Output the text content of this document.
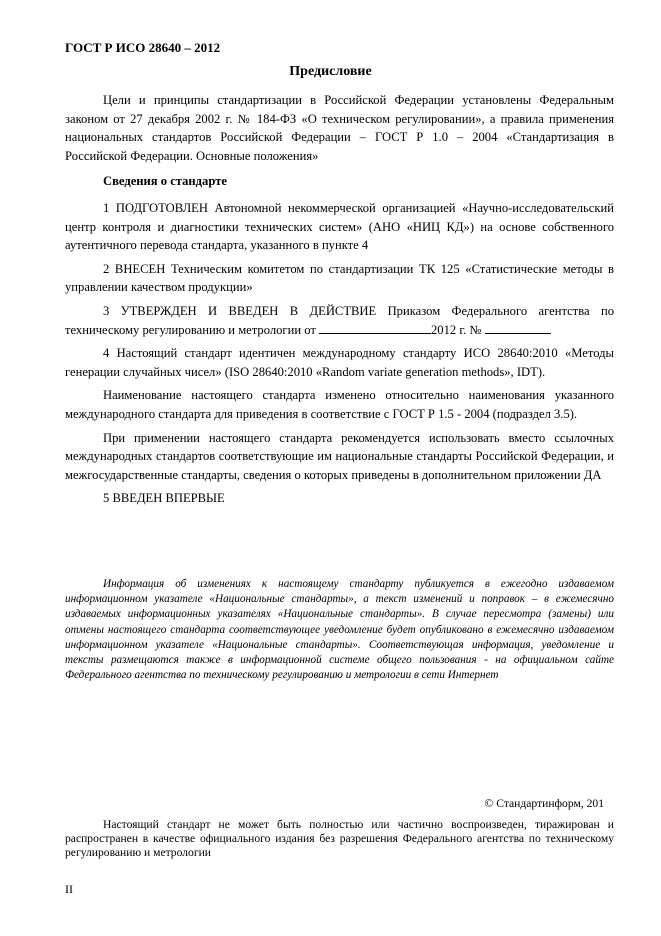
ГОСТ Р ИСО 28640 – 2012
Предисловие

Цели и принципы стандартизации в Российской Федерации установлены Федеральным законом от 27 декабря 2002 г. № 184-ФЗ «О техническом регулировании», а правила применения национальных стандартов Российской Федерации – ГОСТ Р 1.0 – 2004 «Стандартизация в Российской Федерации. Основные положения»

Сведения о стандарте

1 ПОДГОТОВЛЕН Автономной некоммерческой организацией «Научно-исследовательский центр контроля и диагностики технических систем» (АНО «НИЦ КД») на основе собственного аутентичного перевода стандарта, указанного в пункте 4

2 ВНЕСЕН Техническим комитетом по стандартизации ТК 125 «Статистические методы в управлении качеством продукции»

3 УТВЕРЖДЕН И ВВЕДЕН В ДЕЙСТВИЕ Приказом Федерального агентства по техническому регулированию и метрологии от	2012 г. №

4 Настоящий стандарт идентичен международному стандарту ИСО 28640:2010 «Методы генерации случайных чисел» (ISO 28640:2010 «Random variate generation methods», IDT).

Наименование настоящего стандарта изменено относительно наименования указанного международного стандарта для приведения в соответствие с ГОСТ Р 1.5 - 2004 (подраздел 3.5).

При применении настоящего стандарта рекомендуется использовать вместо ссылочных международных стандартов соответствующие им национальные стандарты Российской Федерации, и межгосударственные стандарты, сведения о которых приведены в дополнительном приложении ДА

5 ВВЕДЕН ВПЕРВЫЕ

Информация об изменениях к настоящему стандарту публикуется в ежегодно издаваемом информационном указателе «Национальные стандарты», а текст изменений и поправок – в ежемесячно издаваемых информационных указателях «Национальные стандарты». В случае пересмотра (замены) или отмены настоящего стандарта соответствующее уведомление будет опубликовано в ежемесячно издаваемом информационном указателе «Национальные стандарты». Соответствующая информация, уведомление и тексты размещаются также в информационной системе общего пользования - на официальном сайте Федерального агентства по техническому регулированию и метрологии в сети Интернет
© Стандартинформ, 201
Настоящий стандарт не может быть полностью или частично воспроизведен, тиражирован и распространен в качестве официального издания без разрешения Федерального агентства по техническому регулированию и метрологии
II
